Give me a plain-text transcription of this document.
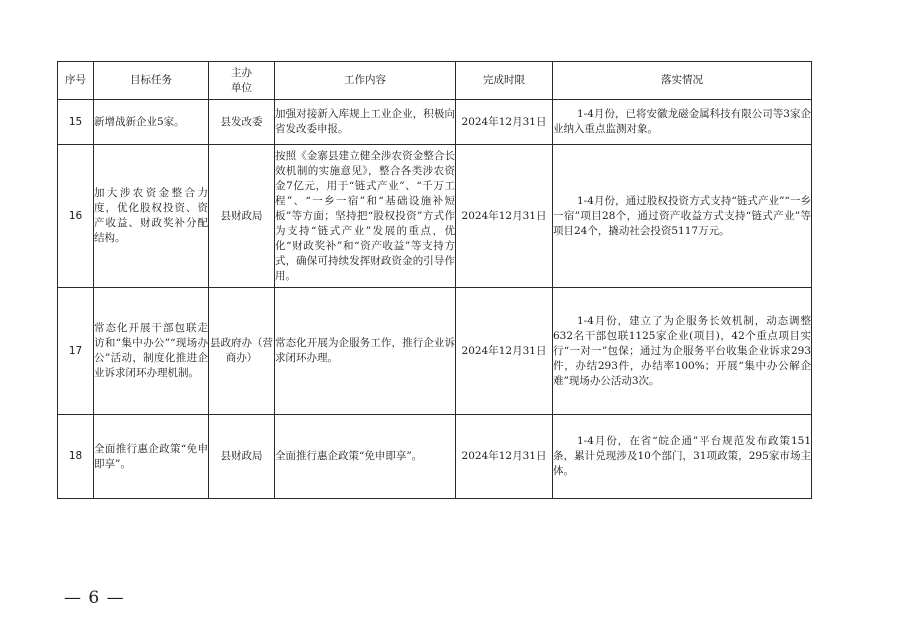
序号	目标任务	主办单位	工作内容	完成时限	落实情况
15	新增战新企业5家。	县发改委	加强对接新入库规上工业企业，积极向省发改委申报。	2024年12月31日	1-4月份，已将安徽龙磁金属科技有限公司等3家企业纳入重点监测对象。
16	加大涉农资金整合力度，优化股权投资、资产收益、财政奖补分配结构。	县财政局	按照《金寨县建立健全涉农资金整合长效机制的实施意见》，整合各类涉农资金7亿元，用于“链式产业”、“千万工程”、“一乡一宿”和“基础设施补短板”等方面；坚持把“股权投资”方式作为支持“链式产业”发展的重点，优化“财政奖补”和“资产收益”等支持方式，确保可持续发挥财政资金的引导作用。	2024年12月31日	1-4月份，通过股权投资方式支持“链式产业”“一乡一宿”项目28个，通过资产收益方式支持“链式产业”等项目24个，撬动社会投资5117万元。
17	常态化开展干部包联走访和“集中办公”“现场办公”活动，制度化推进企业诉求闭环办理机制。	县政府办（营商办）	常态化开展为企服务工作，推行企业诉求闭环办理。	2024年12月31日	1-4月份，建立了为企服务长效机制，动态调整632名干部包联1125家企业(项目)，42个重点项目实行“一对一”包保；通过为企服务平台收集企业诉求293件，办结293件，办结率100%；开展“集中办公解企难”现场办公活动3次。
18	全面推行惠企政策“免申即享”。	县财政局	全面推行惠企政策“免申即享”。	2024年12月31日	1-4月份，在省“皖企通”平台规范发布政策151条，累计兑现涉及10个部门，31项政策，295家市场主体。
— 6 —
